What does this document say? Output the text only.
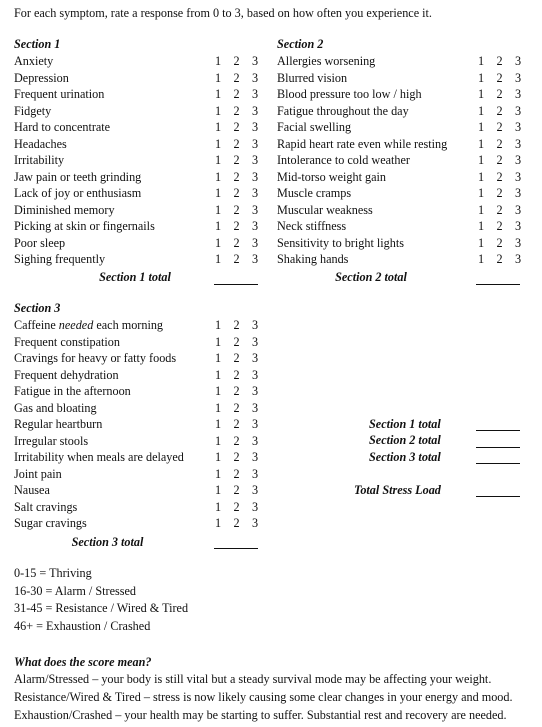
For each symptom, rate a response from 0 to 3, based on how often you experience it.
Section 1
Anxiety	1 2 3
Depression	1 2 3
Frequent urination	1 2 3
Fidgety	1 2 3
Hard to concentrate	1 2 3
Headaches	1 2 3
Irritability	1 2 3
Jaw pain or teeth grinding	1 2 3
Lack of joy or enthusiasm	1 2 3
Diminished memory	1 2 3
Picking at skin or fingernails	1 2 3
Poor sleep	1 2 3
Sighing frequently	1 2 3
Section 1 total
Section 2
Allergies worsening	1 2 3
Blurred vision	1 2 3
Blood pressure too low / high	1 2 3
Fatigue throughout the day	1 2 3
Facial swelling	1 2 3
Rapid heart rate even while resting	1 2 3
Intolerance to cold weather	1 2 3
Mid-torso weight gain	1 2 3
Muscle cramps	1 2 3
Muscular weakness	1 2 3
Neck stiffness	1 2 3
Sensitivity to bright lights	1 2 3
Shaking hands	1 2 3
Section 2 total
Section 3
Caffeine needed each morning	1 2 3
Frequent constipation	1 2 3
Cravings for heavy or fatty foods	1 2 3
Frequent dehydration	1 2 3
Fatigue in the afternoon	1 2 3
Gas and bloating	1 2 3
Regular heartburn	1 2 3
Irregular stools	1 2 3
Irritability when meals are delayed	1 2 3
Joint pain	1 2 3
Nausea	1 2 3
Salt cravings	1 2 3
Sugar cravings	1 2 3
Section 3 total
Section 1 total
Section 2 total
Section 3 total
Total Stress Load
0-15 = Thriving
16-30 = Alarm / Stressed
31-45 = Resistance / Wired & Tired
46+ = Exhaustion / Crashed
What does the score mean?
Alarm/Stressed – your body is still vital but a steady survival mode may be affecting your weight.
Resistance/Wired & Tired – stress is now likely causing some clear changes in your energy and mood.
Exhaustion/Crashed – your health may be starting to suffer. Substantial rest and recovery are needed.
